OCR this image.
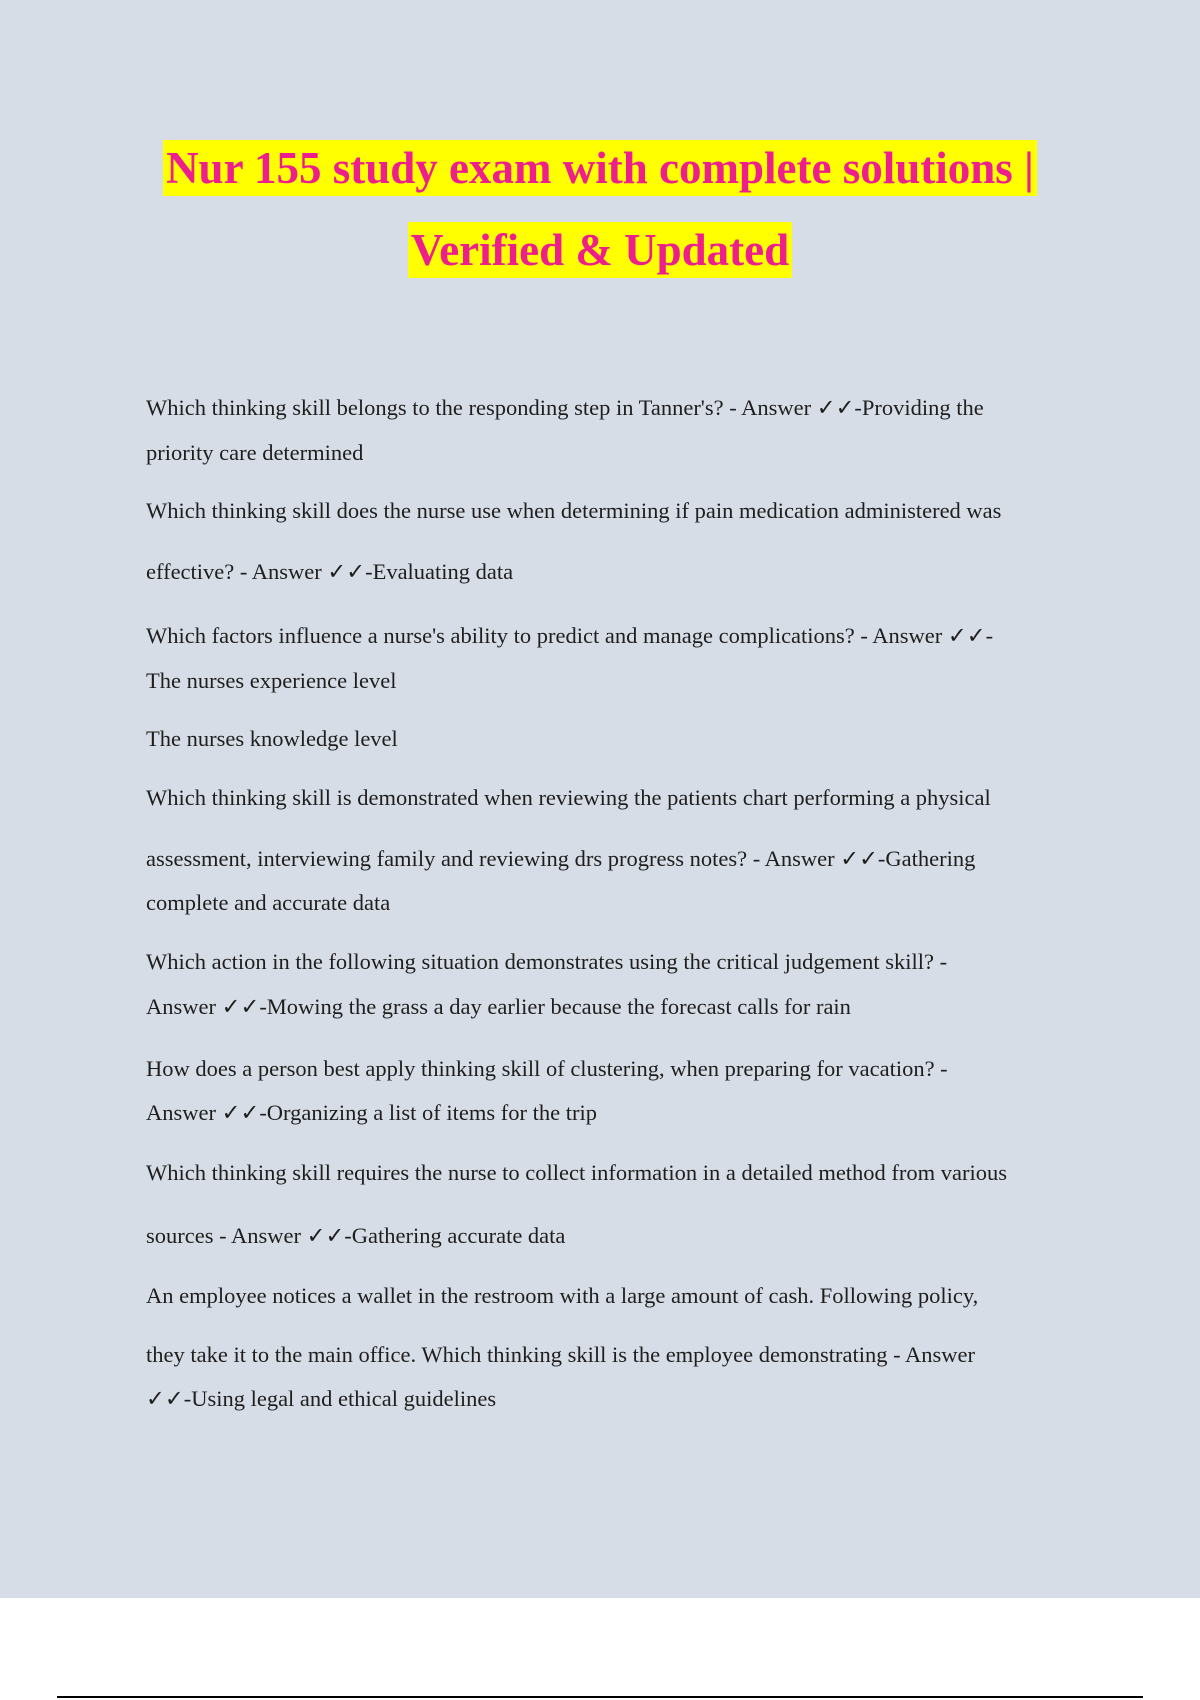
Nur 155 study exam with complete solutions |
Verified & Updated
Which thinking skill belongs to the responding step in Tanner's? - Answer ✓✓-Providing the
priority care determined
Which thinking skill does the nurse use when determining if pain medication administered was
effective? - Answer ✓✓-Evaluating data
Which factors influence a nurse's ability to predict and manage complications? - Answer ✓✓-
The nurses experience level
The nurses knowledge level
Which thinking skill is demonstrated when reviewing the patients chart performing a physical
assessment, interviewing family and reviewing drs progress notes? - Answer ✓✓-Gathering
complete and accurate data
Which action in the following situation demonstrates using the critical judgement skill? -
Answer ✓✓-Mowing the grass a day earlier because the forecast calls for rain
How does a person best apply thinking skill of clustering, when preparing for vacation? -
Answer ✓✓-Organizing a list of items for the trip
Which thinking skill requires the nurse to collect information in a detailed method from various
sources - Answer ✓✓-Gathering accurate data
An employee notices a wallet in the restroom with a large amount of cash. Following policy,
they take it to the main office. Which thinking skill is the employee demonstrating - Answer
✓✓-Using legal and ethical guidelines
